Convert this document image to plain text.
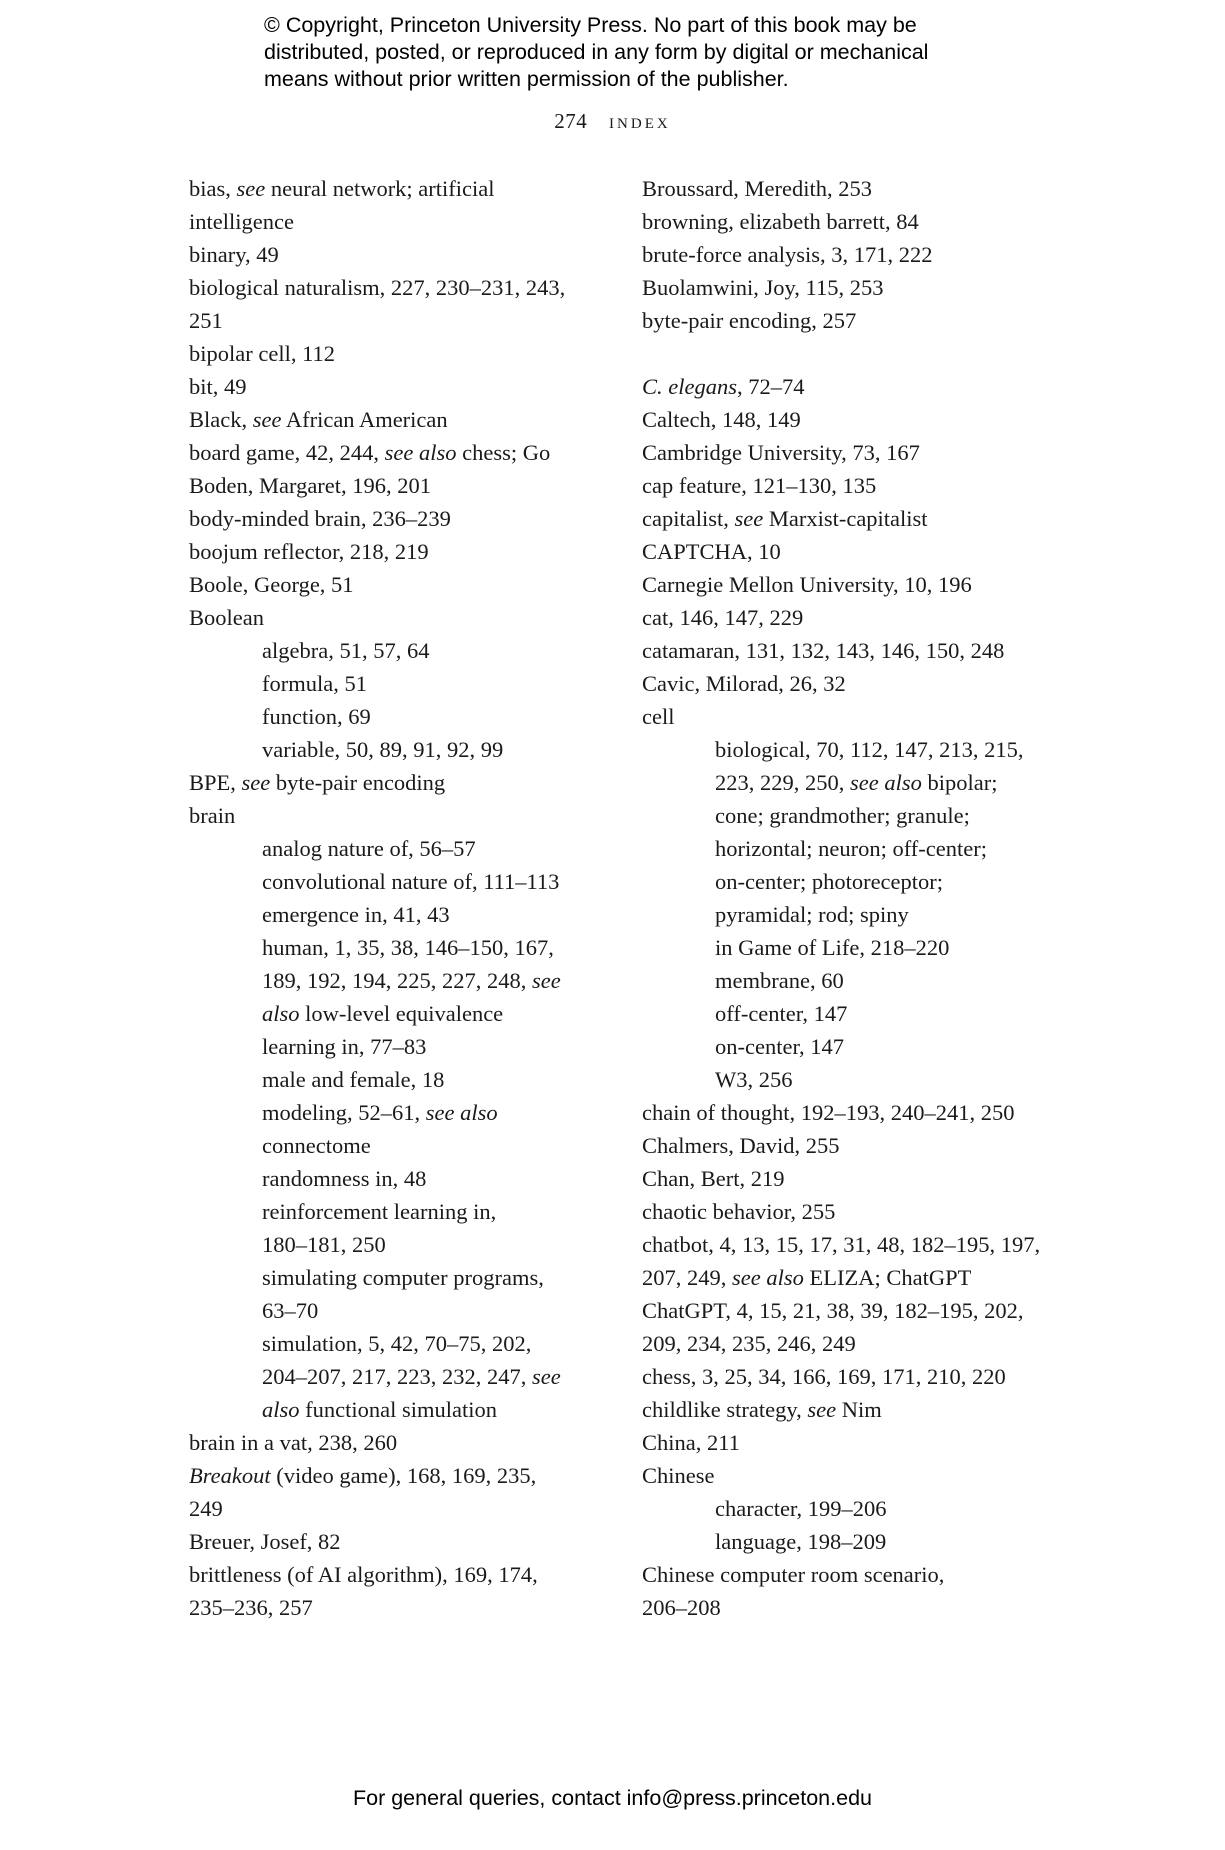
© Copyright, Princeton University Press. No part of this book may be
distributed, posted, or reproduced in any form by digital or mechanical
means without prior written permission of the publisher.
274 index
bias, see neural network; artificial
intelligence
binary, 49
biological naturalism, 227, 230–231, 243,
251
bipolar cell, 112
bit, 49
Black, see African American
board game, 42, 244, see also chess; Go
Boden, Margaret, 196, 201
body-minded brain, 236–239
boojum reflector, 218, 219
Boole, George, 51
Boolean
algebra, 51, 57, 64
formula, 51
function, 69
variable, 50, 89, 91, 92, 99
BPE, see byte-pair encoding
brain
analog nature of, 56–57
convolutional nature of, 111–113
emergence in, 41, 43
human, 1, 35, 38, 146–150, 167,
189, 192, 194, 225, 227, 248, see
also low-level equivalence
learning in, 77–83
male and female, 18
modeling, 52–61, see also
connectome
randomness in, 48
reinforcement learning in,
180–181, 250
simulating computer programs,
63–70
simulation, 5, 42, 70–75, 202,
204–207, 217, 223, 232, 247, see
also functional simulation
brain in a vat, 238, 260
Breakout (video game), 168, 169, 235,
249
Breuer, Josef, 82
brittleness (of AI algorithm), 169, 174,
235–236, 257
Broussard, Meredith, 253
browning, elizabeth barrett, 84
brute-force analysis, 3, 171, 222
Buolamwini, Joy, 115, 253
byte-pair encoding, 257
C. elegans, 72–74
Caltech, 148, 149
Cambridge University, 73, 167
cap feature, 121–130, 135
capitalist, see Marxist-capitalist
CAPTCHA, 10
Carnegie Mellon University, 10, 196
cat, 146, 147, 229
catamaran, 131, 132, 143, 146, 150, 248
Cavic, Milorad, 26, 32
cell
biological, 70, 112, 147, 213, 215,
223, 229, 250, see also bipolar;
cone; grandmother; granule;
horizontal; neuron; off-center;
on-center; photoreceptor;
pyramidal; rod; spiny
in Game of Life, 218–220
membrane, 60
off-center, 147
on-center, 147
W3, 256
chain of thought, 192–193, 240–241, 250
Chalmers, David, 255
Chan, Bert, 219
chaotic behavior, 255
chatbot, 4, 13, 15, 17, 31, 48, 182–195, 197,
207, 249, see also ELIZA; ChatGPT
ChatGPT, 4, 15, 21, 38, 39, 182–195, 202,
209, 234, 235, 246, 249
chess, 3, 25, 34, 166, 169, 171, 210, 220
childlike strategy, see Nim
China, 211
Chinese
character, 199–206
language, 198–209
Chinese computer room scenario,
206–208
For general queries, contact info@press.princeton.edu
